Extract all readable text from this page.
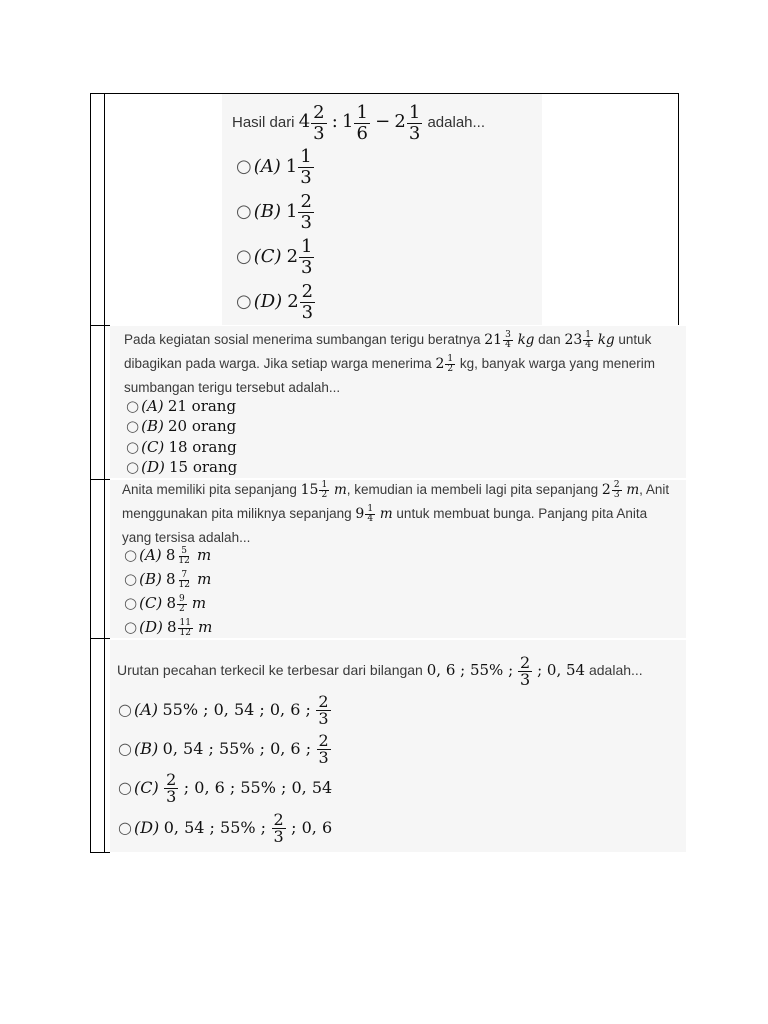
Hasil dari $4 \frac{2}{3}$ : $1 \frac{1}{6} - 2 \frac{1}{3}$ adalah...
○ (A) $1 \frac{1}{3}$
○ (B) $1 \frac{2}{3}$
○ (C) $2 \frac{1}{3}$
○ (D) $2 \frac{2}{3}$
Pada kegiatan sosial menerima sumbangan terigu beratnya $21 \frac{3}{4}$ kg dan $23 \frac{1}{4}$ kg untuk
dibagikan pada warga. Jika setiap warga menerima $2 \frac{1}{2}$ kg, banyak warga yang menerim
sumbangan terigu tersebut adalah...
○ (A) 21 orang
○ (B) 20 orang
○ (C) 18 orang
○ (D) 15 orang
Anita memiliki pita sepanjang $15 \frac{1}{2} m$, kemudian ia membeli lagi pita sepanjang $2 \frac{2}{3} m$, Anit
menggunakan pita miliknya sepanjang $9 \frac{1}{4}$ m untuk membuat bunga. Panjang pita Anita
yang tersisa adalah...
○ (A) $8 \frac{5}{12}$ m
○ (B) $8 \frac{7}{12}$ m
○ (C) $8 \frac{9}{2}$ m
○ (D) $8 \frac{11}{12}$ m
Urutan pecahan terkecil ke terbesar dari bilangan 0, 6 ; 55% ; $\frac{2}{3}$ ; 0, 54 adalah...
○ (A) 55% ; 0, 54 ; 0, 6 ; $\frac{2}{3}$
○ (B) 0, 54 ; 55% ; 0, 6 ; $\frac{2}{3}$
○ $(C) \frac{2}{3}$ ; 0, 6 ; 55% ; 0, 54
○ (D) 0, 54 ; 55% ; $\frac{2}{3}$ ; 0, 6
